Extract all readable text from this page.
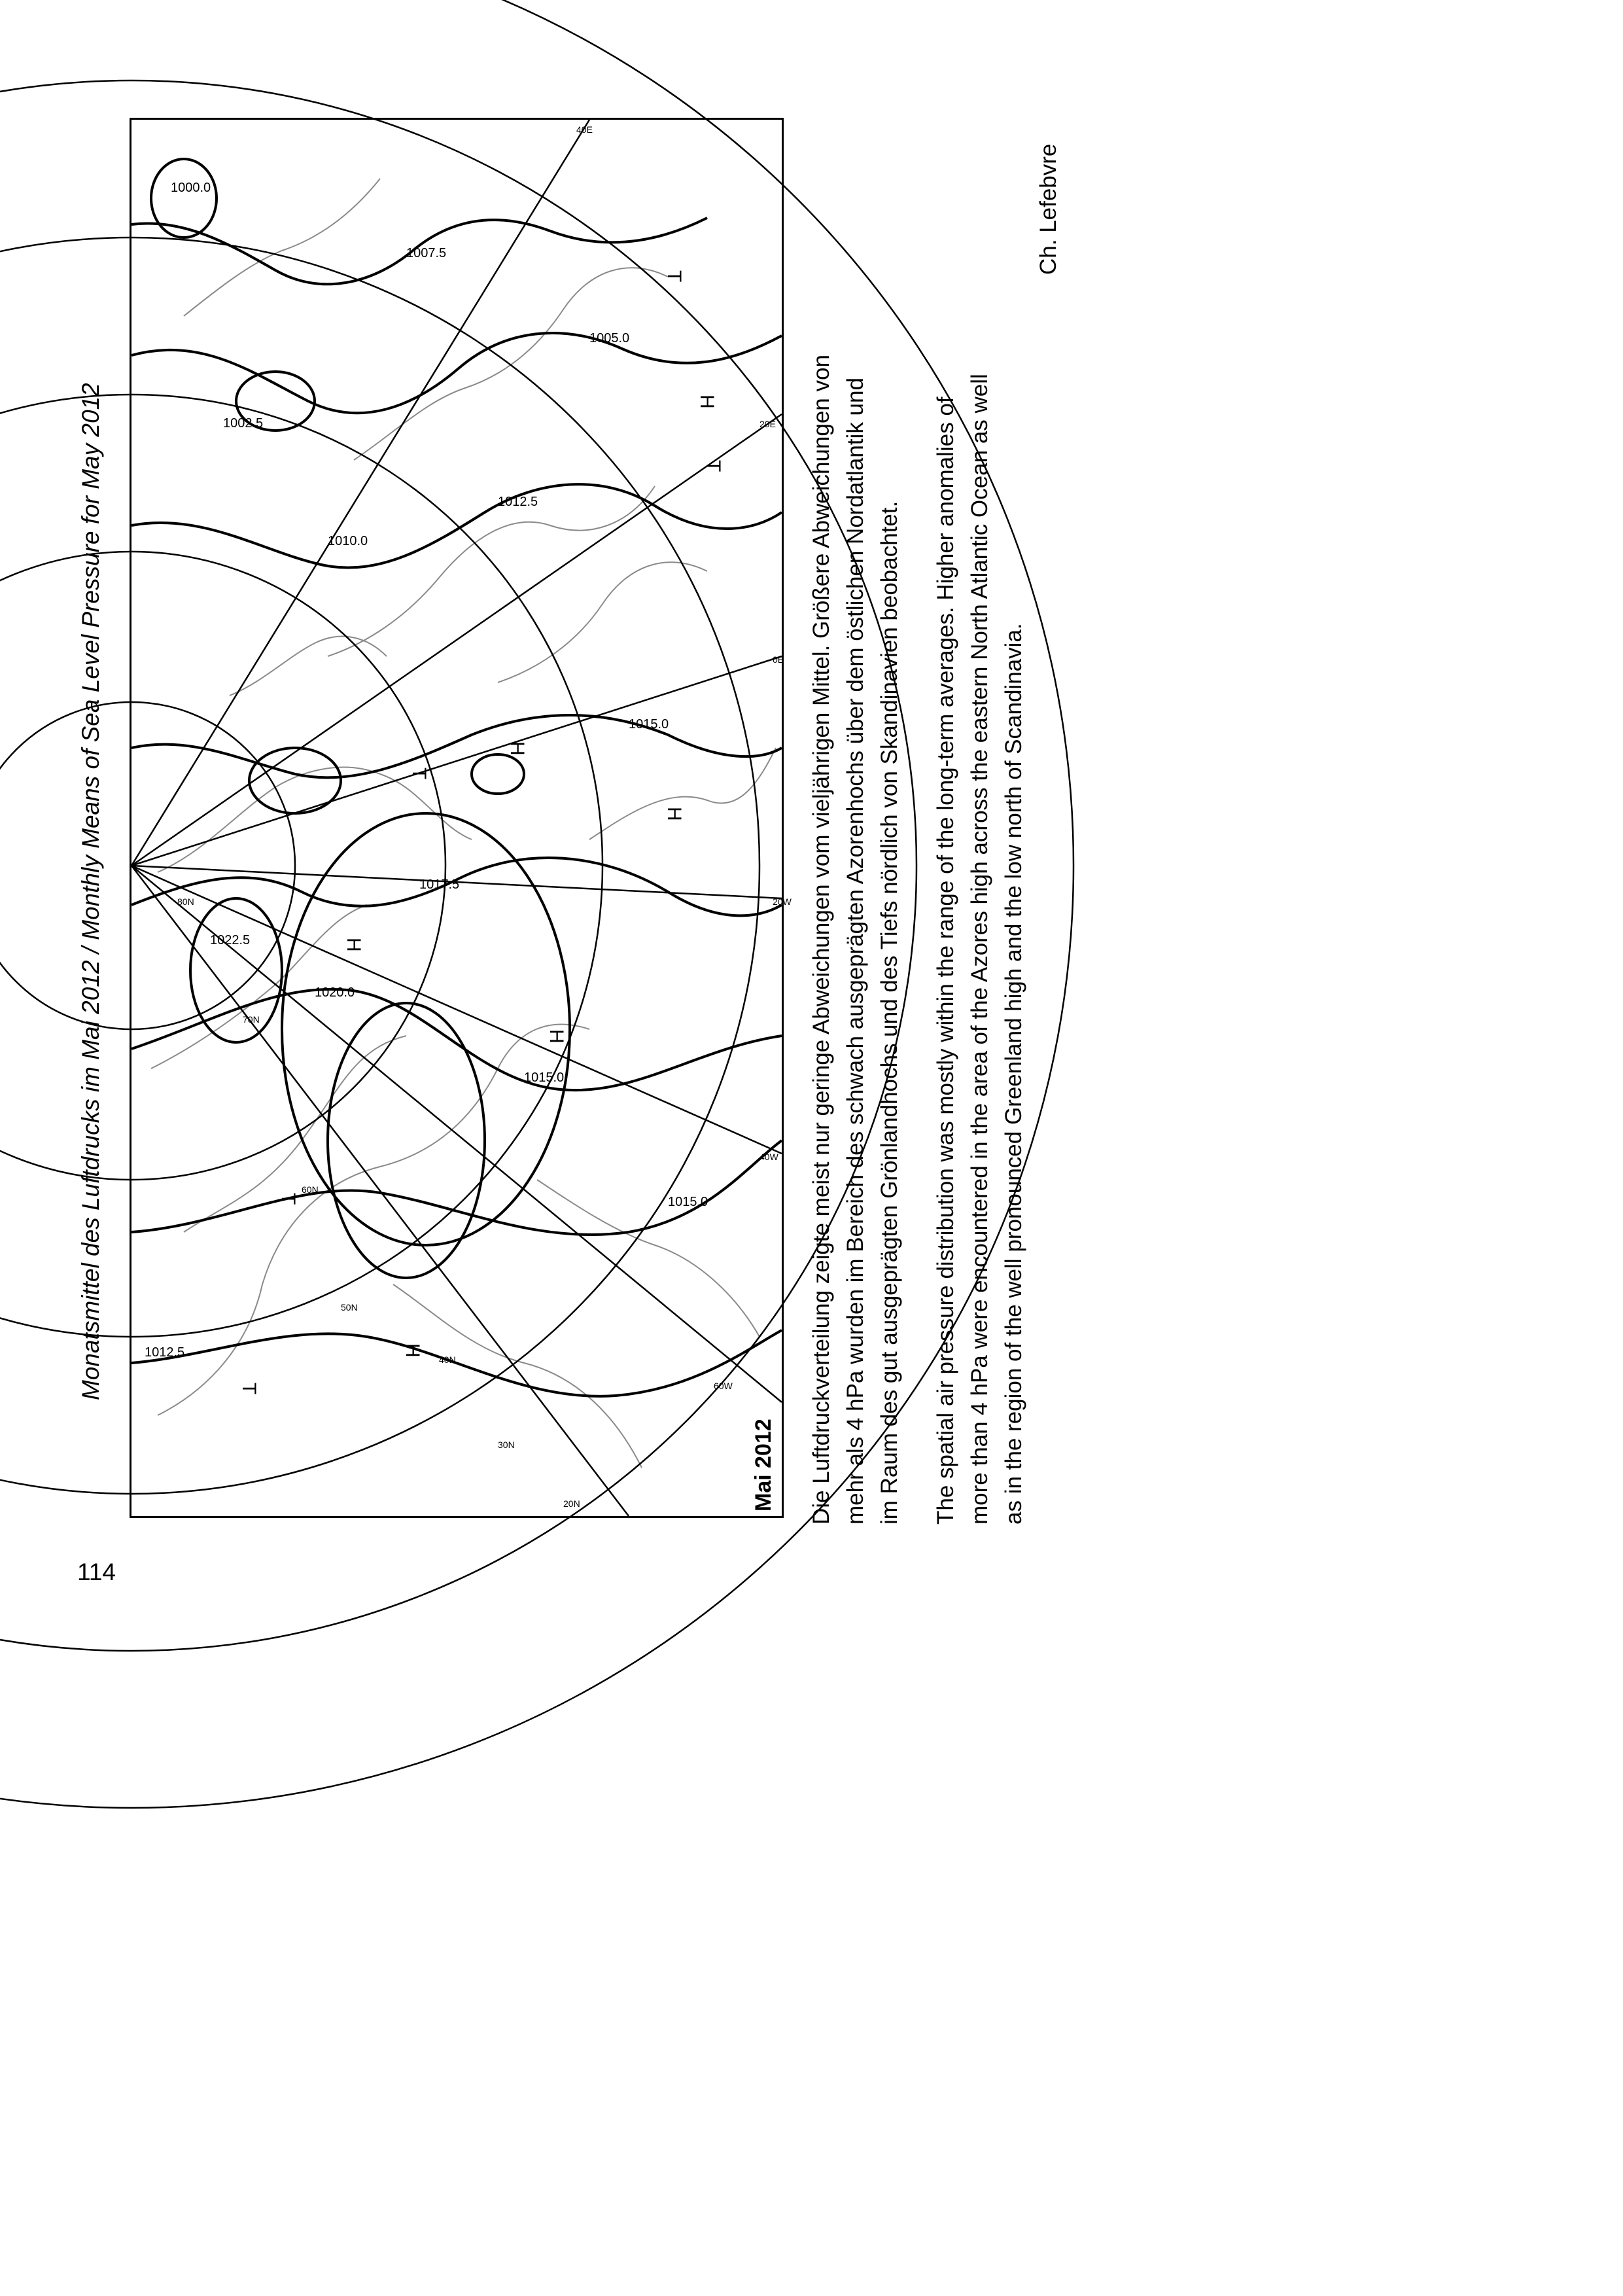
Monatsmittel des Luftdrucks im Mai 2012 / Monthly Means of Sea Level Pressure for May 2012
114
1020.0
1015.0
1017.5
1015.0
1012.5
1007.5
1012.5
1005.0
1000.0
1015.0
1022.5
1010.0
1002.5
H
H
H
H
H
H
T
T
T
T
T
20W
0E
20E
40W
60W
40E
20N
30N
40N
50N
60N
70N
80N
Mai 2012 Die Luftdruckverteilung zeigte meist nur geringe Abweichungen vom vieljährigen Mittel. Größere Abweichungen von mehr als 4 hPa wurden im Bereich des schwach ausgeprägten Azorenhochs über dem östlichen Nordatlantik und im Raum des gut ausgeprägten Grönlandhochs und des Tiefs nördlich von Skandinavien beobachtet. The spatial air pressure distribution was mostly within the range of the long-term averages. Higher anomalies of more than 4 hPa were encountered in the area of the Azores high across the eastern North Atlantic Ocean as well as in the region of the well pronounced Greenland high and the low north of Scandinavia.
Ch. Lefebvre
